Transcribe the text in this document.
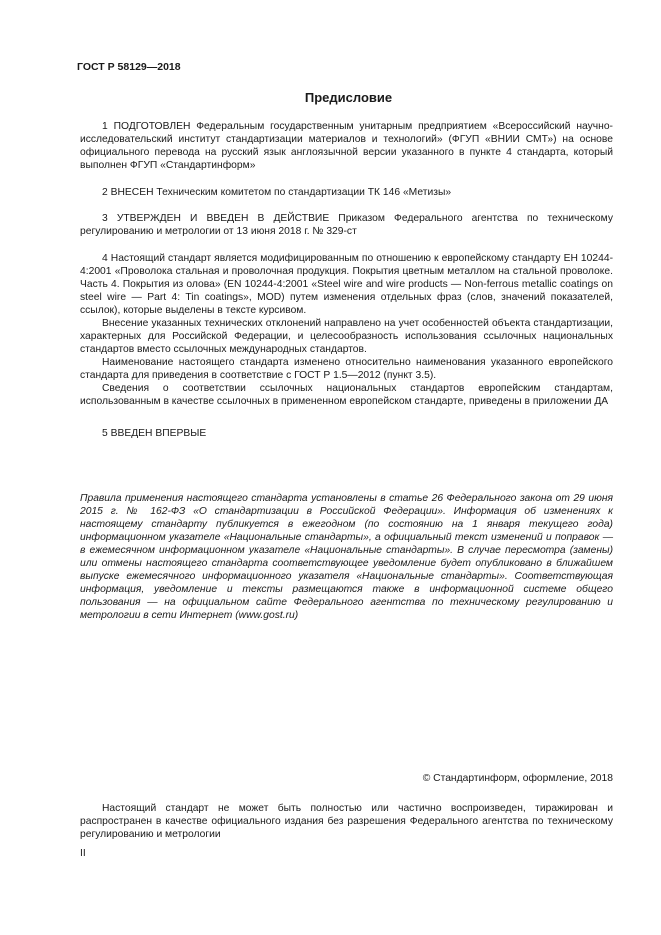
ГОСТ Р 58129—2018

Предисловие

1 ПОДГОТОВЛЕН Федеральным государственным унитарным предприятием «Всероссийский научно-исследовательский институт стандартизации материалов и технологий» (ФГУП «ВНИИ СМТ») на основе официального перевода на русский язык англоязычной версии указанного в пункте 4 стандарта, который выполнен ФГУП «Стандартинформ»

2 ВНЕСЕН Техническим комитетом по стандартизации ТК 146 «Метизы»

3 УТВЕРЖДЕН И ВВЕДЕН В ДЕЙСТВИЕ Приказом Федерального агентства по техническому регулированию и метрологии от 13 июня 2018 г. № 329-ст

4 Настоящий стандарт является модифицированным по отношению к европейскому стандарту ЕН 10244-4:2001 «Проволока стальная и проволочная продукция. Покрытия цветным металлом на стальной проволоке. Часть 4. Покрытия из олова» (EN 10244-4:2001 «Steel wire and wire products — Non-ferrous metallic coatings on steel wire — Part 4: Tin coatings», MOD) путем изменения отдельных фраз (слов, значений показателей, ссылок), которые выделены в тексте курсивом.

Внесение указанных технических отклонений направлено на учет особенностей объекта стандартизации, характерных для Российской Федерации, и целесообразность использования ссылочных национальных стандартов вместо ссылочных международных стандартов.

Наименование настоящего стандарта изменено относительно наименования указанного европейского стандарта для приведения в соответствие с ГОСТ Р 1.5—2012 (пункт 3.5).

Сведения о соответствии ссылочных национальных стандартов европейским стандартам, использованным в качестве ссылочных в примененном европейском стандарте, приведены в приложении ДА

5 ВВЕДЕН ВПЕРВЫЕ

Правила применения настоящего стандарта установлены в статье 26 Федерального закона от 29 июня 2015 г. № 162-ФЗ «О стандартизации в Российской Федерации». Информация об изменениях к настоящему стандарту публикуется в ежегодном (по состоянию на 1 января текущего года) информационном указателе «Национальные стандарты», а официальный текст изменений и поправок — в ежемесячном информационном указателе «Национальные стандарты». В случае пересмотра (замены) или отмены настоящего стандарта соответствующее уведомление будет опубликовано в ближайшем выпуске ежемесячного информационного указателя «Национальные стандарты». Соответствующая информация, уведомление и тексты размещаются также в информационной системе общего пользования — на официальном сайте Федерального агентства по техническому регулированию и метрологии в сети Интернет (www.gost.ru)

© Стандартинформ, оформление, 2018

Настоящий стандарт не может быть полностью или частично воспроизведен, тиражирован и распространен в качестве официального издания без разрешения Федерального агентства по техническому регулированию и метрологии

II
